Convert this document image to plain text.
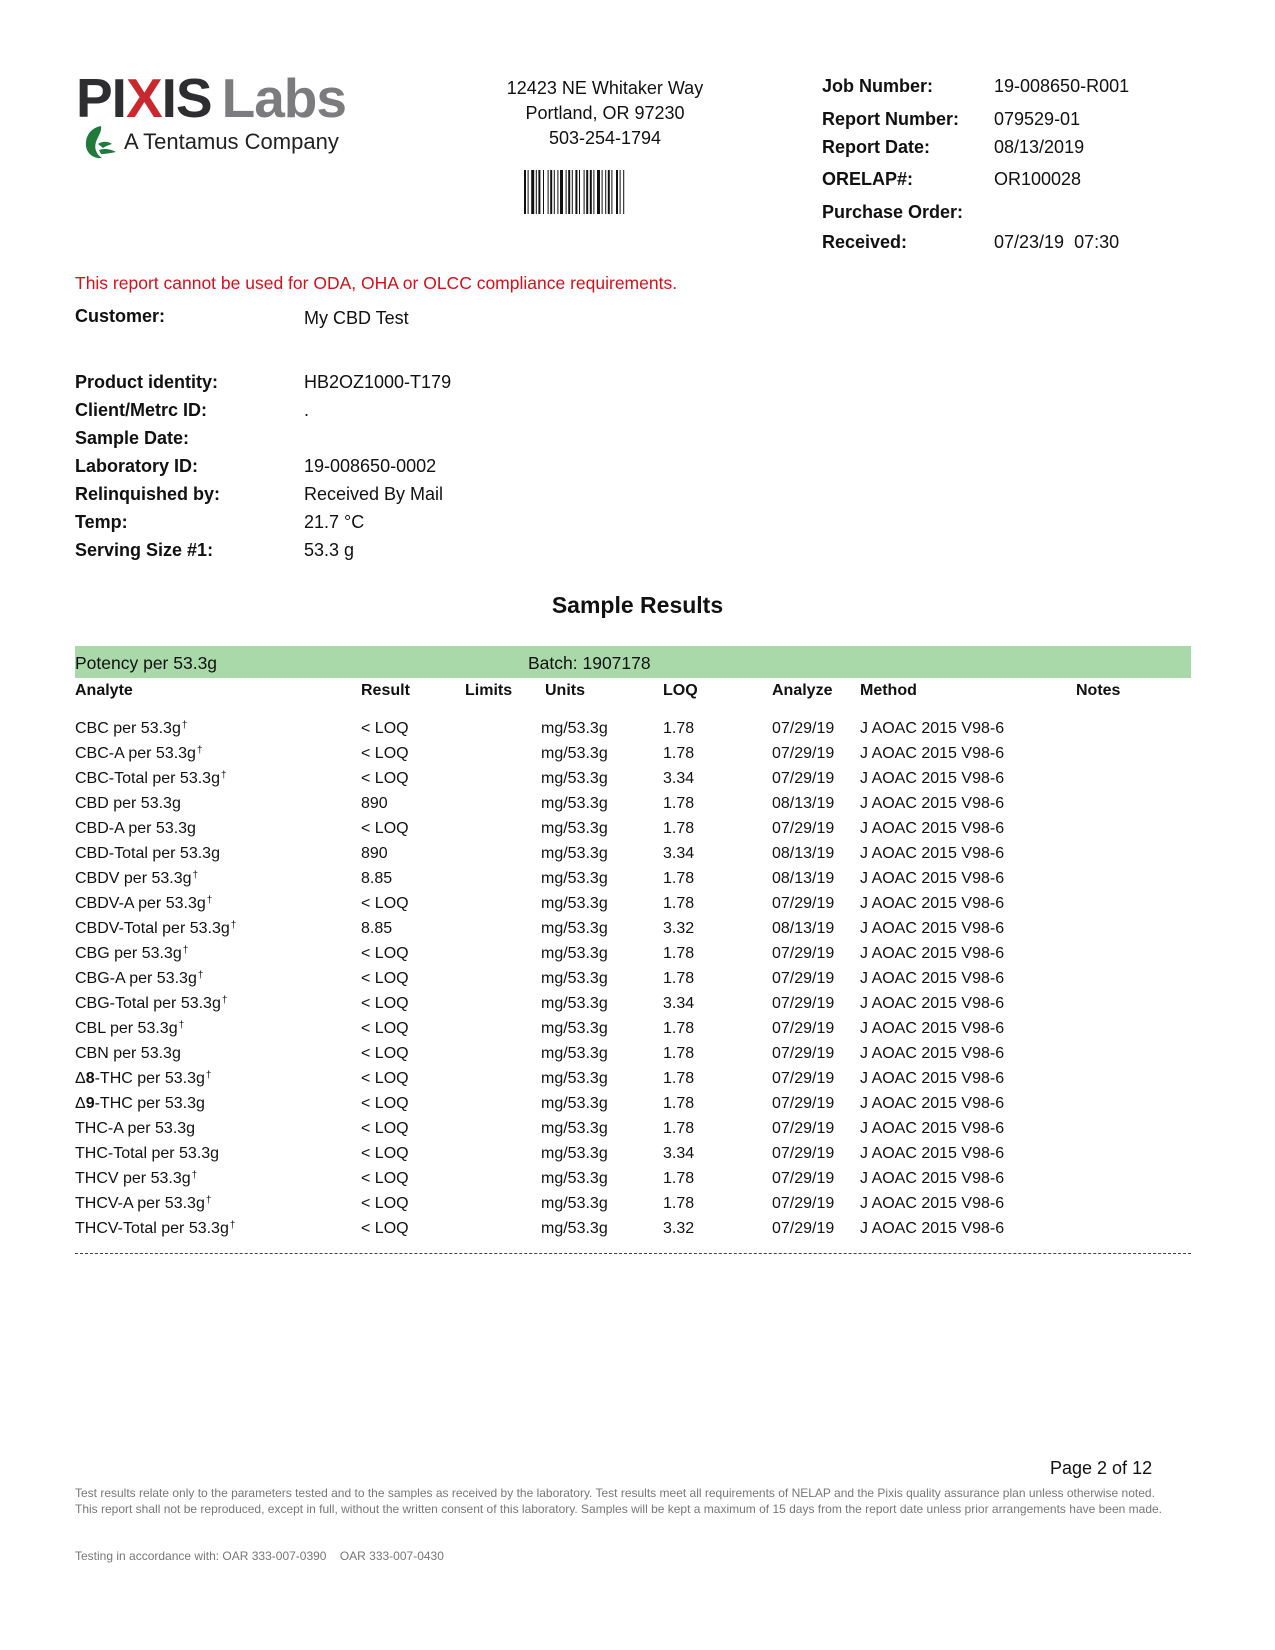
PIXIS Labs
A Tentamus Company
12423 NE Whitaker Way
Portland, OR 97230
503-254-1794
Job Number:	19-008650-R001
Report Number: 079529-01
Report Date:	08/13/2019
ORELAP#:	OR100028
Purchase Order:
Received:	07/23/19  07:30
This report cannot be used for ODA, OHA or OLCC compliance requirements.
Customer:	My CBD Test
Product identity:	HB2OZ1000-T179
Client/Metrc ID:	.
Sample Date:
Laboratory ID:	19-008650-0002
Relinquished by:	Received By Mail
Temp:	21.7 °C
Serving Size #1:	53.3 g
Sample Results
Potency per 53.3g	Batch: 1907178
Analyte	Result	Limits Units	LOQ	Analyze Method	Notes
CBC per 53.3g†	< LOQ	mg/53.3g	1.78	07/29/19 J AOAC 2015 V98-6
CBC-A per 53.3g†	< LOQ	mg/53.3g	1.78	07/29/19 J AOAC 2015 V98-6
CBC-Total per 53.3g†	< LOQ	mg/53.3g	3.34	07/29/19 J AOAC 2015 V98-6
CBD per 53.3g	890	mg/53.3g	1.78	08/13/19 J AOAC 2015 V98-6
CBD-A per 53.3g	< LOQ	mg/53.3g	1.78	07/29/19 J AOAC 2015 V98-6
CBD-Total per 53.3g	890	mg/53.3g	3.34	08/13/19 J AOAC 2015 V98-6
CBDV per 53.3g†	8.85	mg/53.3g	1.78	08/13/19 J AOAC 2015 V98-6
CBDV-A per 53.3g†	< LOQ	mg/53.3g	1.78	07/29/19 J AOAC 2015 V98-6
CBDV-Total per 53.3g†	8.85	mg/53.3g	3.32	08/13/19 J AOAC 2015 V98-6
CBG per 53.3g†	< LOQ	mg/53.3g	1.78	07/29/19 J AOAC 2015 V98-6
CBG-A per 53.3g†	< LOQ	mg/53.3g	1.78	07/29/19 J AOAC 2015 V98-6
CBG-Total per 53.3g†	< LOQ	mg/53.3g	3.34	07/29/19 J AOAC 2015 V98-6
CBL per 53.3g†	< LOQ	mg/53.3g	1.78	07/29/19 J AOAC 2015 V98-6
CBN per 53.3g	< LOQ	mg/53.3g	1.78	07/29/19 J AOAC 2015 V98-6
Δ8-THC per 53.3g†	< LOQ	mg/53.3g	1.78	07/29/19 J AOAC 2015 V98-6
Δ9-THC per 53.3g	< LOQ	mg/53.3g	1.78	07/29/19 J AOAC 2015 V98-6
THC-A per 53.3g	< LOQ	mg/53.3g	1.78	07/29/19 J AOAC 2015 V98-6
THC-Total per 53.3g	< LOQ	mg/53.3g	3.34	07/29/19 J AOAC 2015 V98-6
THCV per 53.3g†	< LOQ	mg/53.3g	1.78	07/29/19 J AOAC 2015 V98-6
THCV-A per 53.3g†	< LOQ	mg/53.3g	1.78	07/29/19 J AOAC 2015 V98-6
THCV-Total per 53.3g†	< LOQ	mg/53.3g	3.32	07/29/19 J AOAC 2015 V98-6
Page 2 of 12
Test results relate only to the parameters tested and to the samples as received by the laboratory. Test results meet all requirements of NELAP and the Pixis quality assurance plan unless otherwise noted. This report shall not be reproduced, except in full, without the written consent of this laboratory. Samples will be kept a maximum of 15 days from the report date unless prior arrangements have been made.
Testing in accordance with: OAR 333-007-0390    OAR 333-007-0430
